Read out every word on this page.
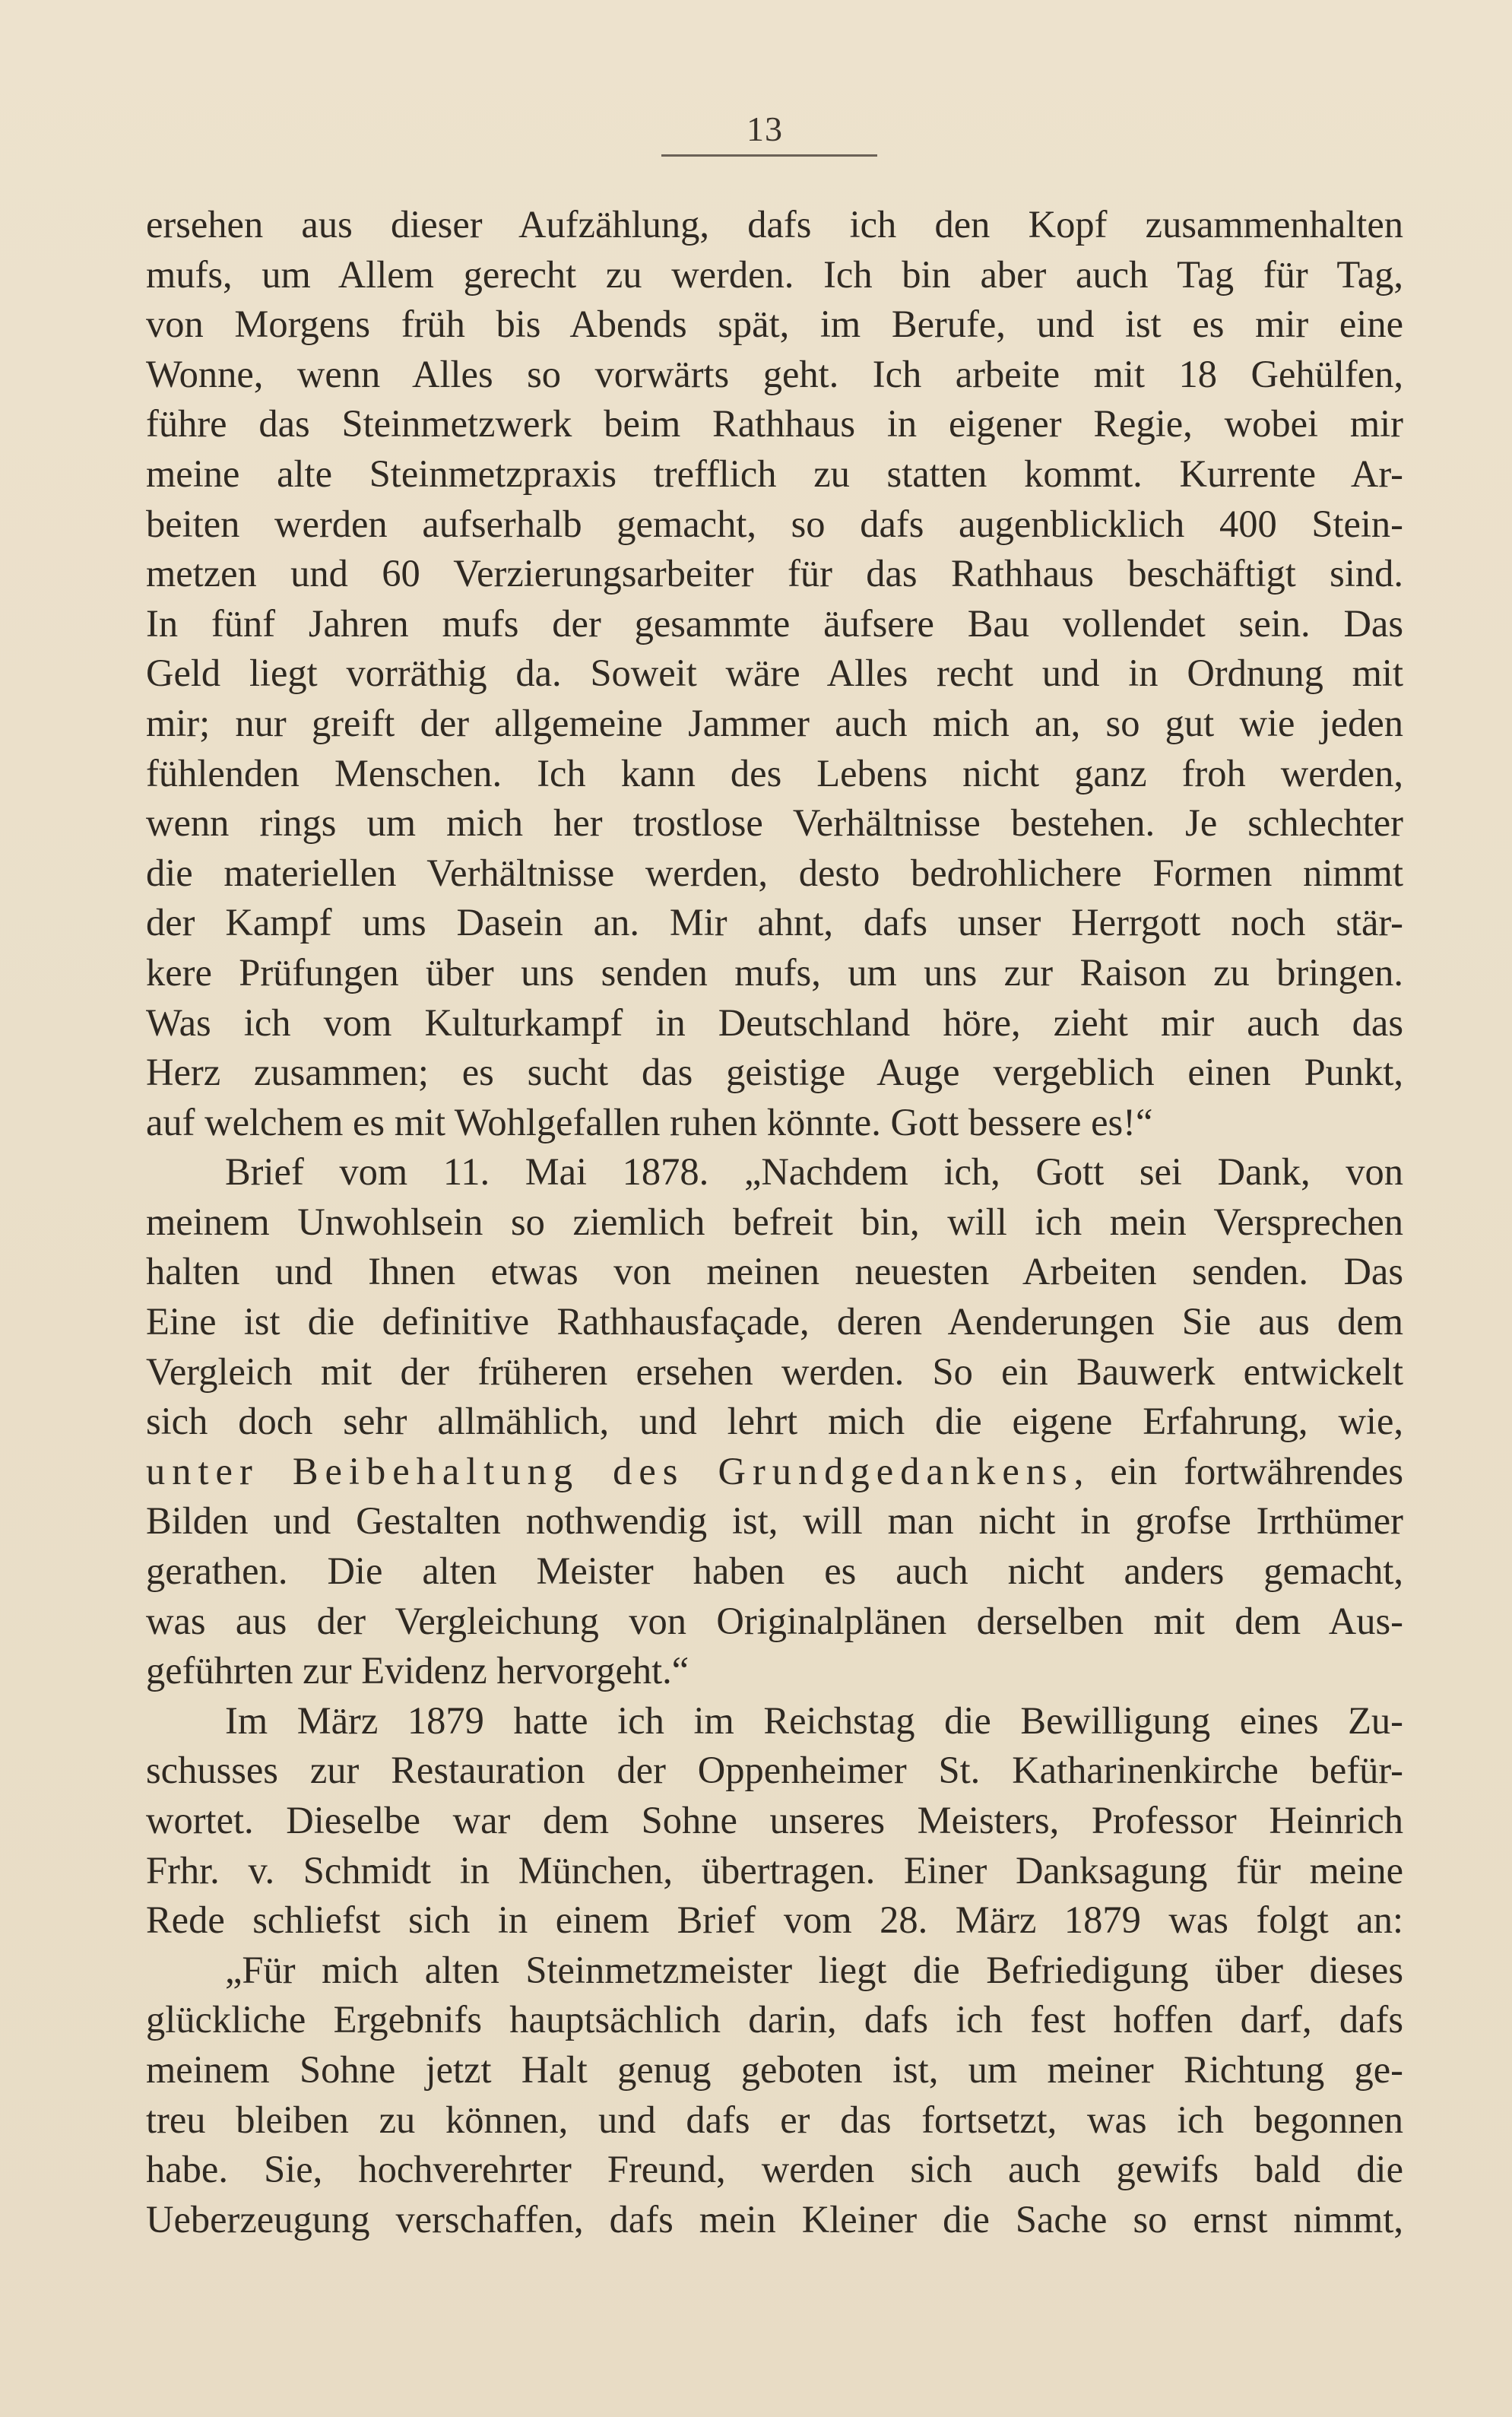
13
ersehen aus dieser Aufzählung, dafs ich den Kopf zusammenhalten
mufs, um Allem gerecht zu werden. Ich bin aber auch Tag für Tag,
von Morgens früh bis Abends spät, im Berufe, und ist es mir eine
Wonne, wenn Alles so vorwärts geht. Ich arbeite mit 18 Gehülfen,
führe das Steinmetzwerk beim Rathhaus in eigener Regie, wobei mir
meine alte Steinmetzpraxis trefflich zu statten kommt. Kurrente Ar-
beiten werden aufserhalb gemacht, so dafs augenblicklich 400 Stein-
metzen und 60 Verzierungsarbeiter für das Rathhaus beschäftigt sind.
In fünf Jahren mufs der gesammte äufsere Bau vollendet sein. Das
Geld liegt vorräthig da. Soweit wäre Alles recht und in Ordnung mit
mir; nur greift der allgemeine Jammer auch mich an, so gut wie jeden
fühlenden Menschen. Ich kann des Lebens nicht ganz froh werden,
wenn rings um mich her trostlose Verhältnisse bestehen. Je schlechter
die materiellen Verhältnisse werden, desto bedrohlichere Formen nimmt
der Kampf ums Dasein an. Mir ahnt, dafs unser Herrgott noch stär-
kere Prüfungen über uns senden mufs, um uns zur Raison zu bringen.
Was ich vom Kulturkampf in Deutschland höre, zieht mir auch das
Herz zusammen; es sucht das geistige Auge vergeblich einen Punkt,
auf welchem es mit Wohlgefallen ruhen könnte. Gott bessere es!“
Brief vom 11. Mai 1878. „Nachdem ich, Gott sei Dank, von
meinem Unwohlsein so ziemlich befreit bin, will ich mein Versprechen
halten und Ihnen etwas von meinen neuesten Arbeiten senden. Das
Eine ist die definitive Rathhausfaçade, deren Aenderungen Sie aus dem
Vergleich mit der früheren ersehen werden. So ein Bauwerk entwickelt
sich doch sehr allmählich, und lehrt mich die eigene Erfahrung, wie,
unter Beibehaltung des Grundgedankens, ein fortwährendes
Bilden und Gestalten nothwendig ist, will man nicht in grofse Irrthümer
gerathen. Die alten Meister haben es auch nicht anders gemacht,
was aus der Vergleichung von Originalplänen derselben mit dem Aus-
geführten zur Evidenz hervorgeht.“
Im März 1879 hatte ich im Reichstag die Bewilligung eines Zu-
schusses zur Restauration der Oppenheimer St. Katharinenkirche befür-
wortet. Dieselbe war dem Sohne unseres Meisters, Professor Heinrich
Frhr. v. Schmidt in München, übertragen. Einer Danksagung für meine
Rede schliefst sich in einem Brief vom 28. März 1879 was folgt an:
„Für mich alten Steinmetzmeister liegt die Befriedigung über dieses
glückliche Ergebnifs hauptsächlich darin, dafs ich fest hoffen darf, dafs
meinem Sohne jetzt Halt genug geboten ist, um meiner Richtung ge-
treu bleiben zu können, und dafs er das fortsetzt, was ich begonnen
habe. Sie, hochverehrter Freund, werden sich auch gewifs bald die
Ueberzeugung verschaffen, dafs mein Kleiner die Sache so ernst nimmt,
